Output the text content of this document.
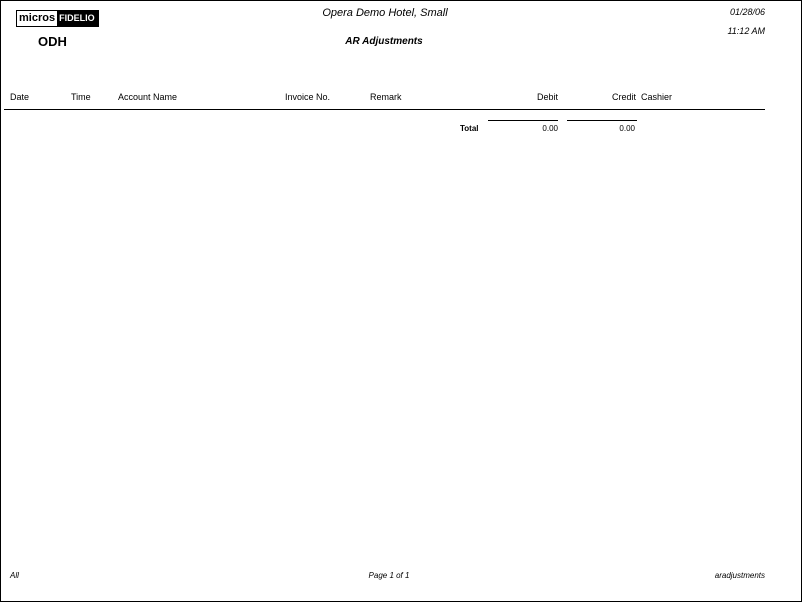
micros FIDELIO	Opera Demo Hotel, Small	01/28/06
11:12 AM
ODH	AR Adjustments
Date	Time	Account Name	Invoice No.	Remark	Debit	Credit Cashier
Total	0.00	0.00
All	Page 1 of 1	aradjustments
